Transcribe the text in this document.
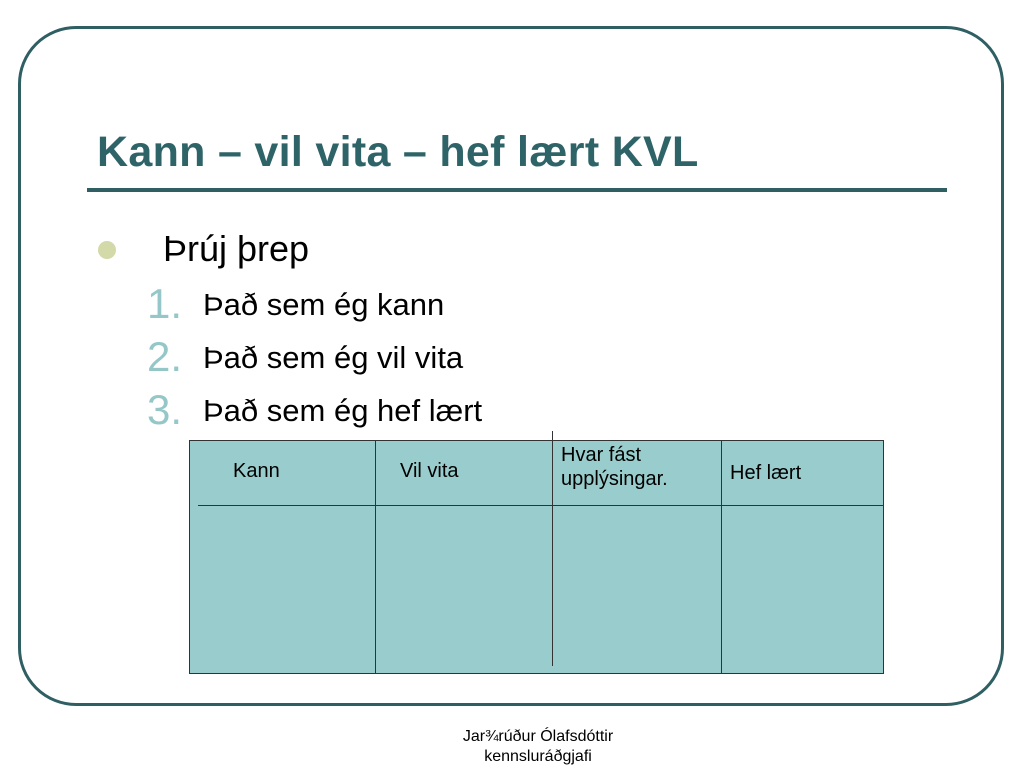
Kann – vil vita – hef lært KVL
Þrúj þrep
1. Það sem ég kann
2. Það sem ég vil vita
3. Það sem ég hef lært
Kann	Vil vita
Hvar fást upplýsingar.	Hef lært
Jar¾rúður Ólafsdóttir
kennsluráðgjafi
